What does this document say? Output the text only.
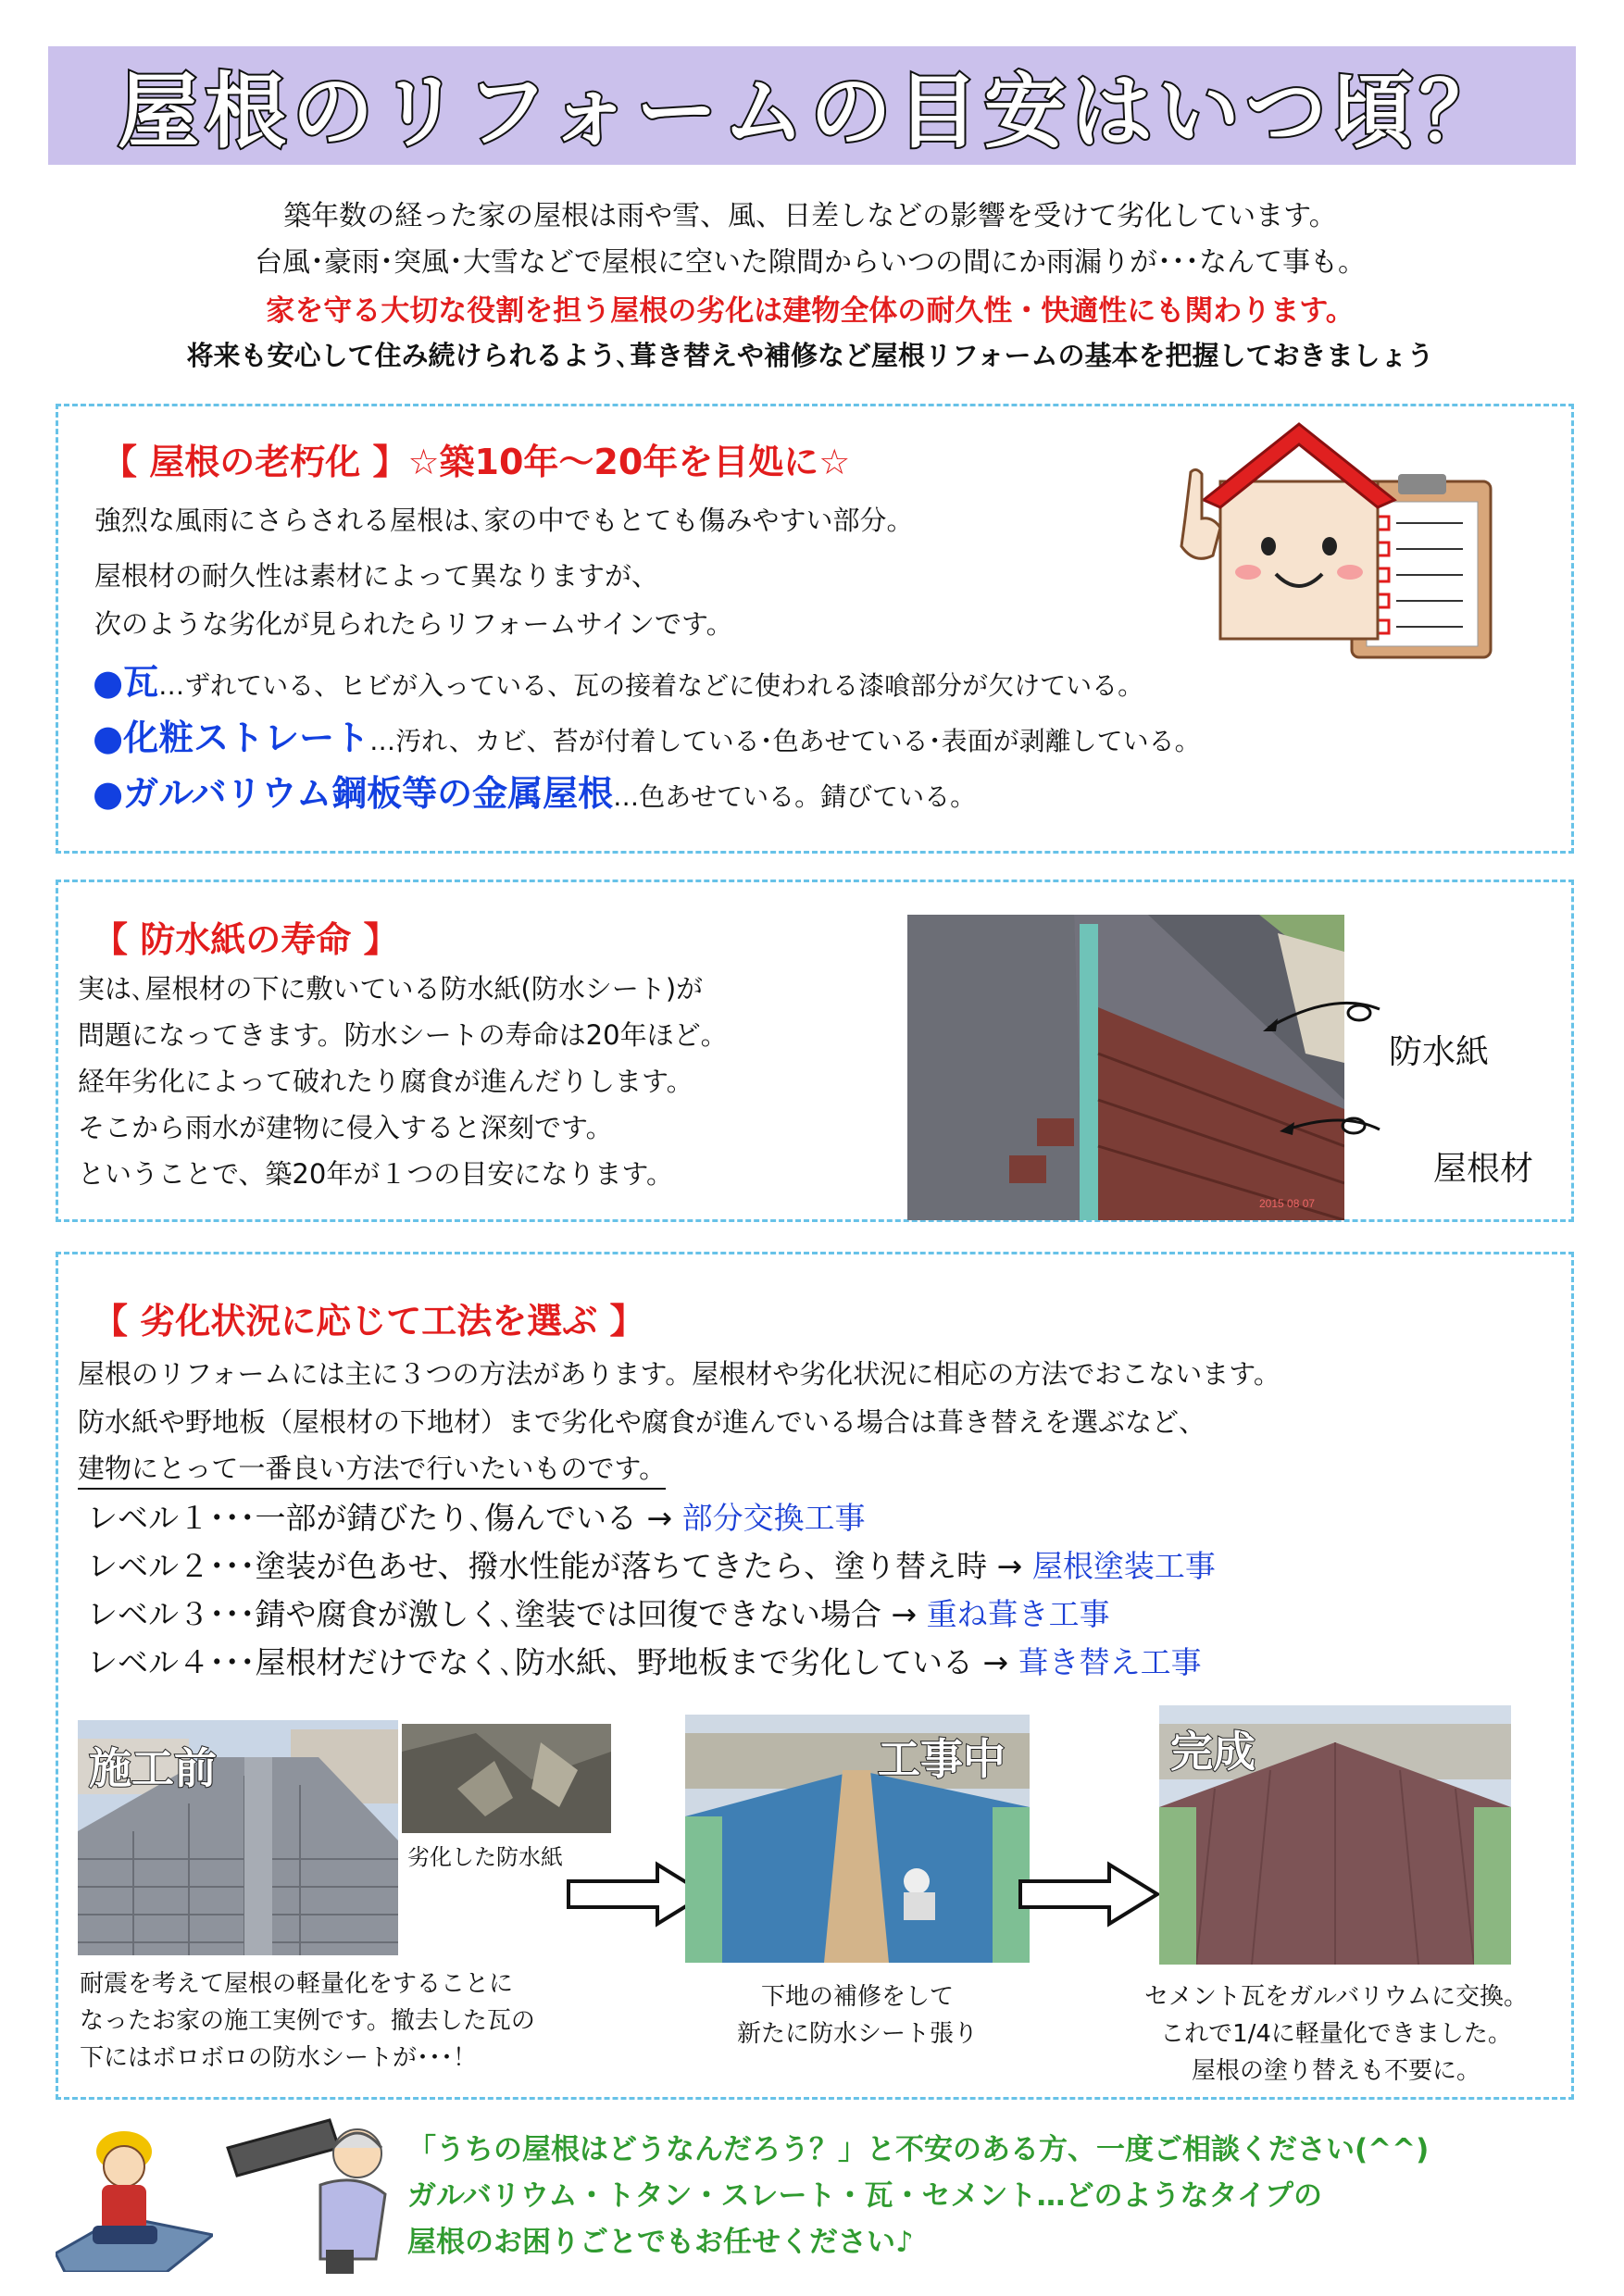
屋根のリフォームの目安はいつ頃？
築年数の経った家の屋根は雨や雪、風、日差しなどの影響を受けて劣化しています。
台風･豪雨･突風･大雪などで屋根に空いた隙間からいつの間にか雨漏りが･･･なんて事も。
家を守る大切な役割を担う屋根の劣化は建物全体の耐久性・快適性にも関わります。
将来も安心して住み続けられるよう､葺き替えや補修など屋根リフォームの基本を把握しておきましょう
【 屋根の老朽化 】☆築10年～20年を目処に☆
強烈な風雨にさらされる屋根は､家の中でもとても傷みやすい部分。
屋根材の耐久性は素材によって異なりますが、
次のような劣化が見られたらリフォームサインです。
●瓦…ずれている、ヒビが入っている、瓦の接着などに使われる漆喰部分が欠けている。
●化粧ストレート…汚れ、カビ、苔が付着している･色あせている･表面が剥離している。
●ガルバリウム鋼板等の金属屋根…色あせている。錆びている。
【 防水紙の寿命 】
実は､屋根材の下に敷いている防水紙(防水シート)が
問題になってきます。防水シートの寿命は20年ほど。
経年劣化によって破れたり腐食が進んだりします。
そこから雨水が建物に侵入すると深刻です。
ということで、築20年が１つの目安になります。
2015 08 07
防水紙
屋根材
【 劣化状況に応じて工法を選ぶ 】
屋根のリフォームには主に３つの方法があります。屋根材や劣化状況に相応の方法でおこないます。
防水紙や野地板（屋根材の下地材）まで劣化や腐食が進んでいる場合は葺き替えを選ぶなど、
建物にとって一番良い方法で行いたいものです。
レベル１･･･一部が錆びたり､傷んでいる → 部分交換工事
レベル２･･･塗装が色あせ、撥水性能が落ちてきたら、塗り替え時 → 屋根塗装工事
レベル３･･･錆や腐食が激しく､塗装では回復できない場合 → 重ね葺き工事
レベル４･･･屋根材だけでなく､防水紙、野地板まで劣化している → 葺き替え工事
施工前
劣化した防水紙
工事中	完成
耐震を考えて屋根の軽量化をすることに
なったお家の施工実例です。撤去した瓦の
下にはボロボロの防水シートが･･･！
下地の補修をして
新たに防水シート張り
セメント瓦をガルバリウムに交換。
これで1/4に軽量化できました。
屋根の塗り替えも不要に。
「うちの屋根はどうなんだろう？」と不安のある方、一度ご相談ください(^^)
ガルバリウム・トタン・スレート・瓦・セメント…どのようなタイプの
屋根のお困りごとでもお任せください♪
